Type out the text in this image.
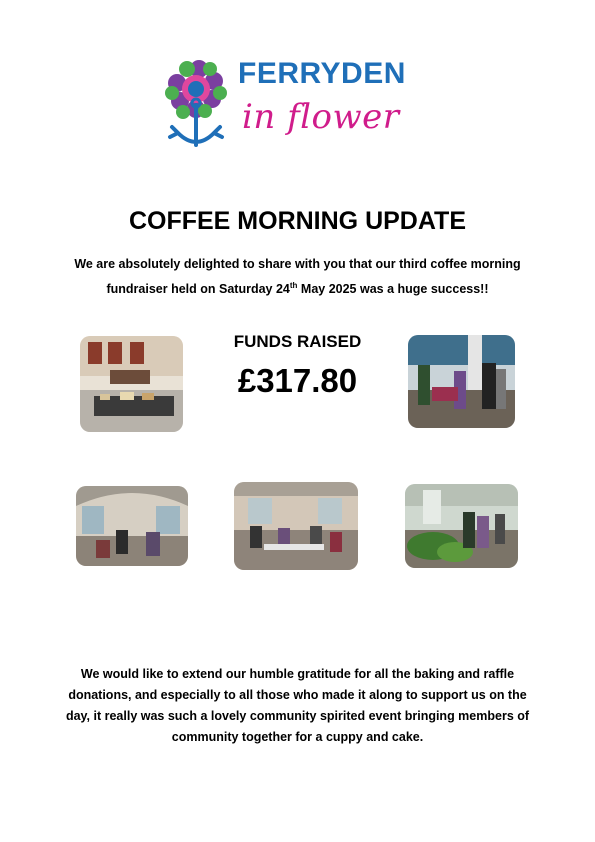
FERRYDEN
in flower
COFFEE MORNING UPDATE
We are absolutely delighted to share with you that our third coffee morning fundraiser held on Saturday 24th May 2025 was a huge success!!
FUNDS RAISED
£317.80
We would like to extend our humble gratitude for all the baking and raffle donations, and especially to all those who made it along to support us on the day, it really was such a lovely community spirited event bringing members of community together for a cuppy and cake.
